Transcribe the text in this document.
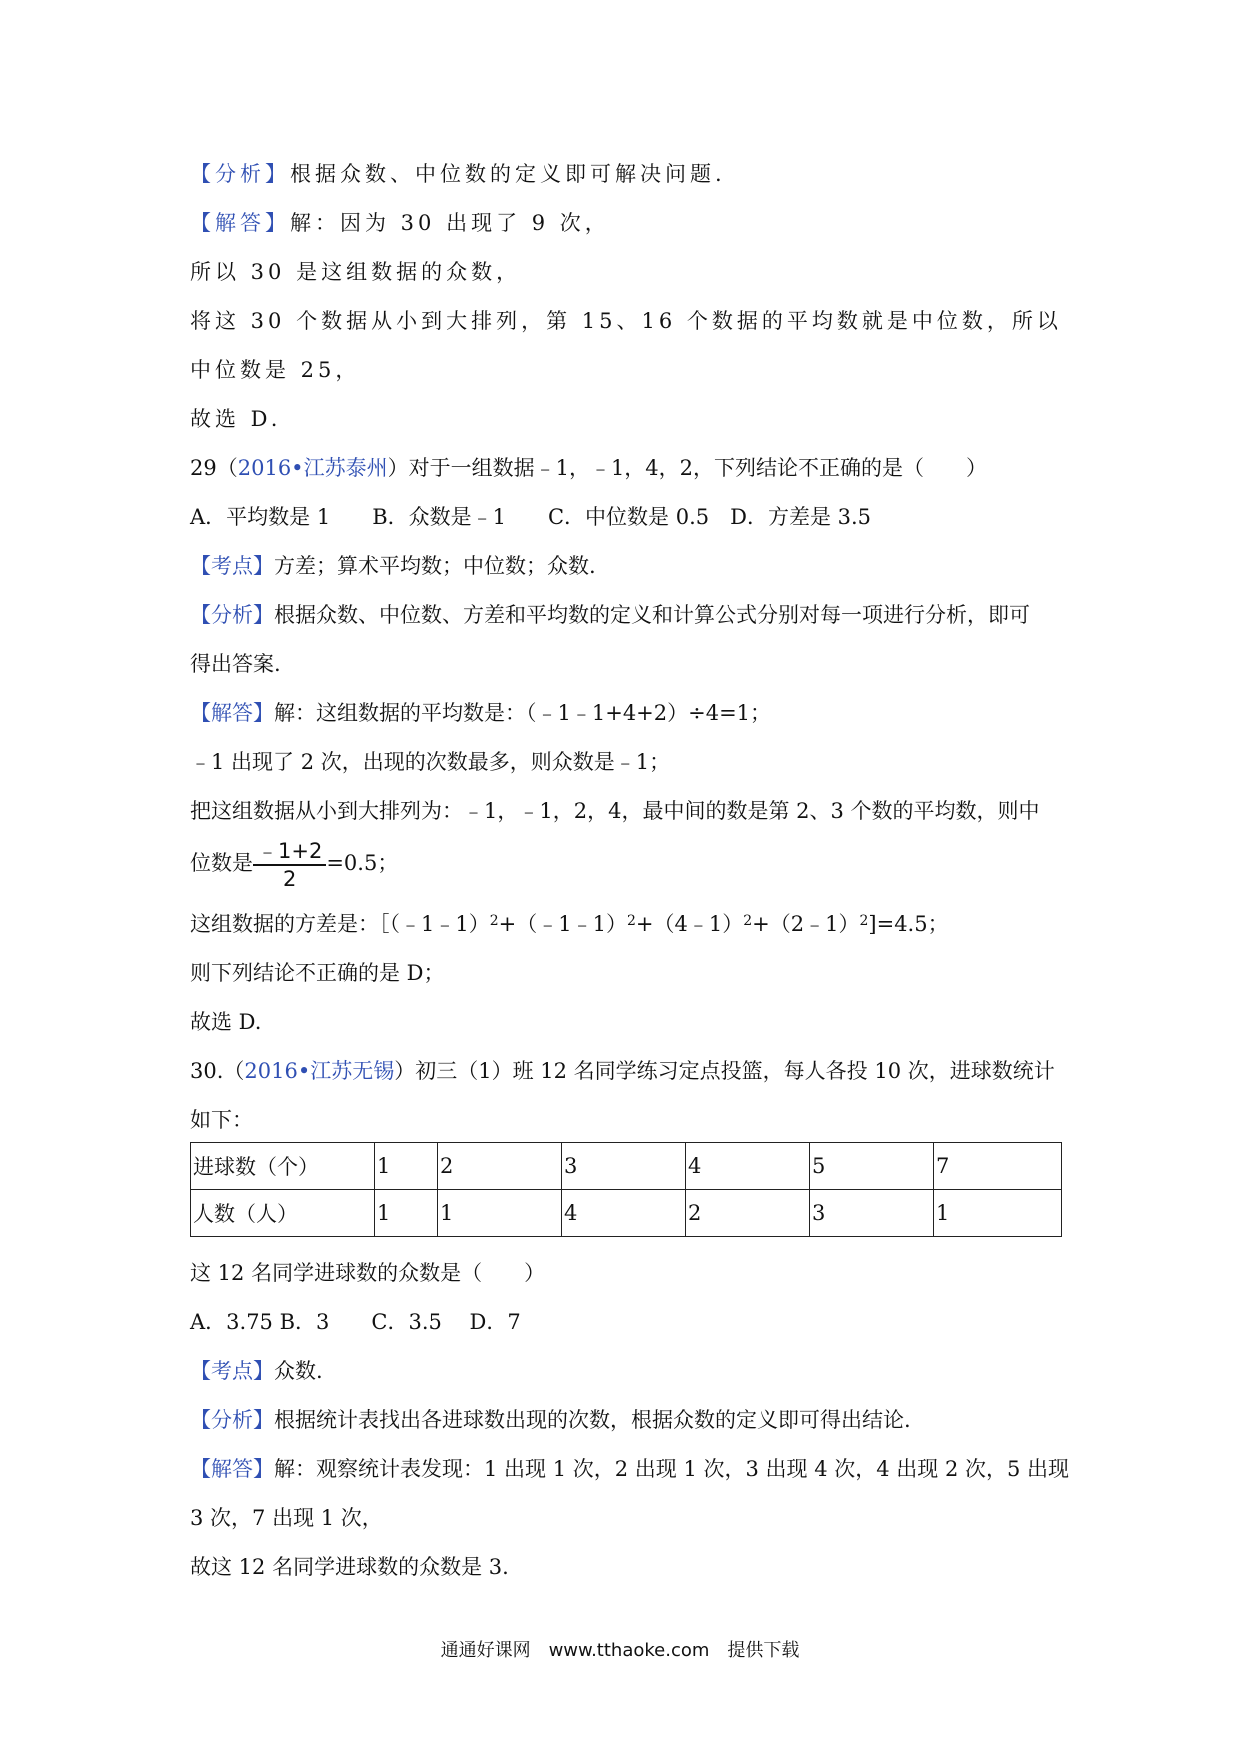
【分析】根据众数、中位数的定义即可解决问题.
【解答】解：因为 30 出现了 9 次，
所以 30 是这组数据的众数，
将这 30 个数据从小到大排列，第 15、16 个数据的平均数就是中位数，所以
中位数是 25，
故选 D.
29（2016•江苏泰州）对于一组数据﹣1，﹣1，4，2，下列结论不正确的是（　　）
A．平均数是 1　　B．众数是﹣1　　C．中位数是 0.5　D．方差是 3.5
【考点】方差；算术平均数；中位数；众数.
【分析】根据众数、中位数、方差和平均数的定义和计算公式分别对每一项进行分析，即可
得出答案.
【解答】解：这组数据的平均数是：（﹣1﹣1+4+2）÷4=1；
﹣1 出现了 2 次，出现的次数最多，则众数是﹣1；
把这组数据从小到大排列为：﹣1，﹣1，2，4，最中间的数是第 2、3 个数的平均数，则中
位数是 $\frac{﹣1+2}{2} =0.5$；
这组数据的方差是：［（﹣1﹣1）$^2$+（﹣1﹣1）$^2$+（4﹣1）$^2$+（2﹣1）$^2$]=4.5；
则下列结论不正确的是 D；
故选 D.
30.（2016•江苏无锡）初三（1）班 12 名同学练习定点投篮，每人各投 10 次，进球数统计
如下：
进球数（个）	1	2	3	4	5	7
人数（人）	1	1	4	2	3	1
这 12 名同学进球数的众数是（　　）
A．3.75 B．3　　C．3.5　 D．7
【考点】众数.
【分析】根据统计表找出各进球数出现的次数，根据众数的定义即可得出结论.
【解答】解：观察统计表发现：1 出现 1 次，2 出现 1 次，3 出现 4 次，4 出现 2 次，5 出现
3 次，7 出现 1 次，
故这 12 名同学进球数的众数是 3.
通通好课网　www.tthaoke.com　提供下载
